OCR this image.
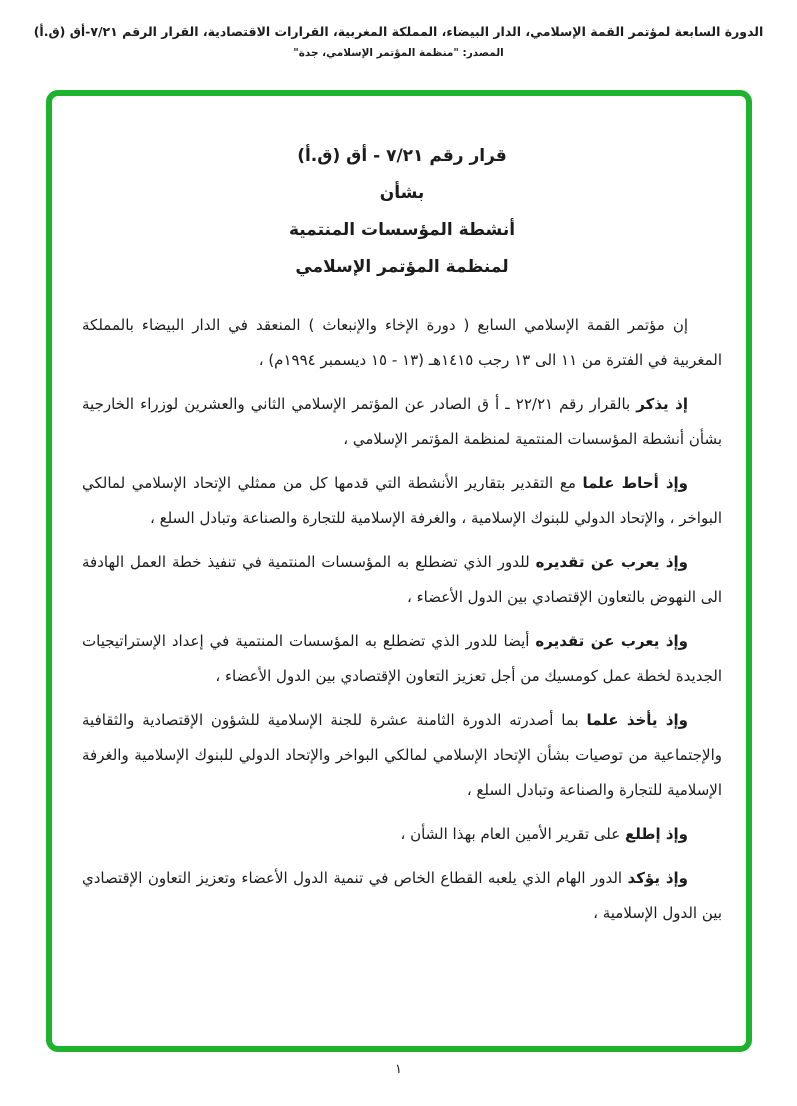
الدورة السابعة لمؤتمر القمة الإسلامي، الدار البيضاء، المملكة المغربية، القرارات الاقتصادية، القرار الرقم ٧/٢١-أق (ق.أ)
المصدر: "منظمة المؤتمر الإسلامي، جدة"
قرار رقم ٧/٢١ - أق (ق.أ)
بشأن
أنشطة المؤسسات المنتمية
لمنظمة المؤتمر الإسلامي

إن مؤتمر القمة الإسلامي السابع ( دورة الإخاء والإنبعاث ) المنعقد في الدار البيضاء بالمملكة المغربية في الفترة من ١١ الى ١٣ رجب ١٤١٥هـ (١٣ - ١٥ ديسمبر ١٩٩٤م) ،

إذ يذكر بالقرار رقم ٢٢/٢١ ـ أ ق الصادر عن المؤتمر الإسلامي الثاني والعشرين لوزراء الخارجية بشأن أنشطة المؤسسات المنتمية لمنظمة المؤتمر الإسلامي ،

وإذ أحاط علما مع التقدير بتقارير الأنشطة التي قدمها كل من ممثلي الإتحاد الإسلامي لمالكي البواخر ، والإتحاد الدولي للبنوك الإسلامية ، والغرفة الإسلامية للتجارة والصناعة وتبادل السلع ،

وإذ يعرب عن تقديره للدور الذي تضطلع به المؤسسات المنتمية في تنفيذ خطة العمل الهادفة الى النهوض بالتعاون الإقتصادي بين الدول الأعضاء ،

وإذ يعرب عن تقديره أيضا للدور الذي تضطلع به المؤسسات المنتمية في إعداد الإستراتيجيات الجديدة لخطة عمل كومسيك من أجل تعزيز التعاون الإقتصادي بين الدول الأعضاء ،

وإذ يأخذ علما بما أصدرته الدورة الثامنة عشرة للجنة الإسلامية للشؤون الإقتصادية والثقافية والإجتماعية من توصيات بشأن الإتحاد الإسلامي لمالكي البواخر والإتحاد الدولي للبنوك الإسلامية والغرفة الإسلامية للتجارة والصناعة وتبادل السلع ،

وإذ إطلع على تقرير الأمين العام بهذا الشأن ،

وإذ يؤكد الدور الهام الذي يلعبه القطاع الخاص في تنمية الدول الأعضاء وتعزيز التعاون الإقتصادي بين الدول الإسلامية ،

١
